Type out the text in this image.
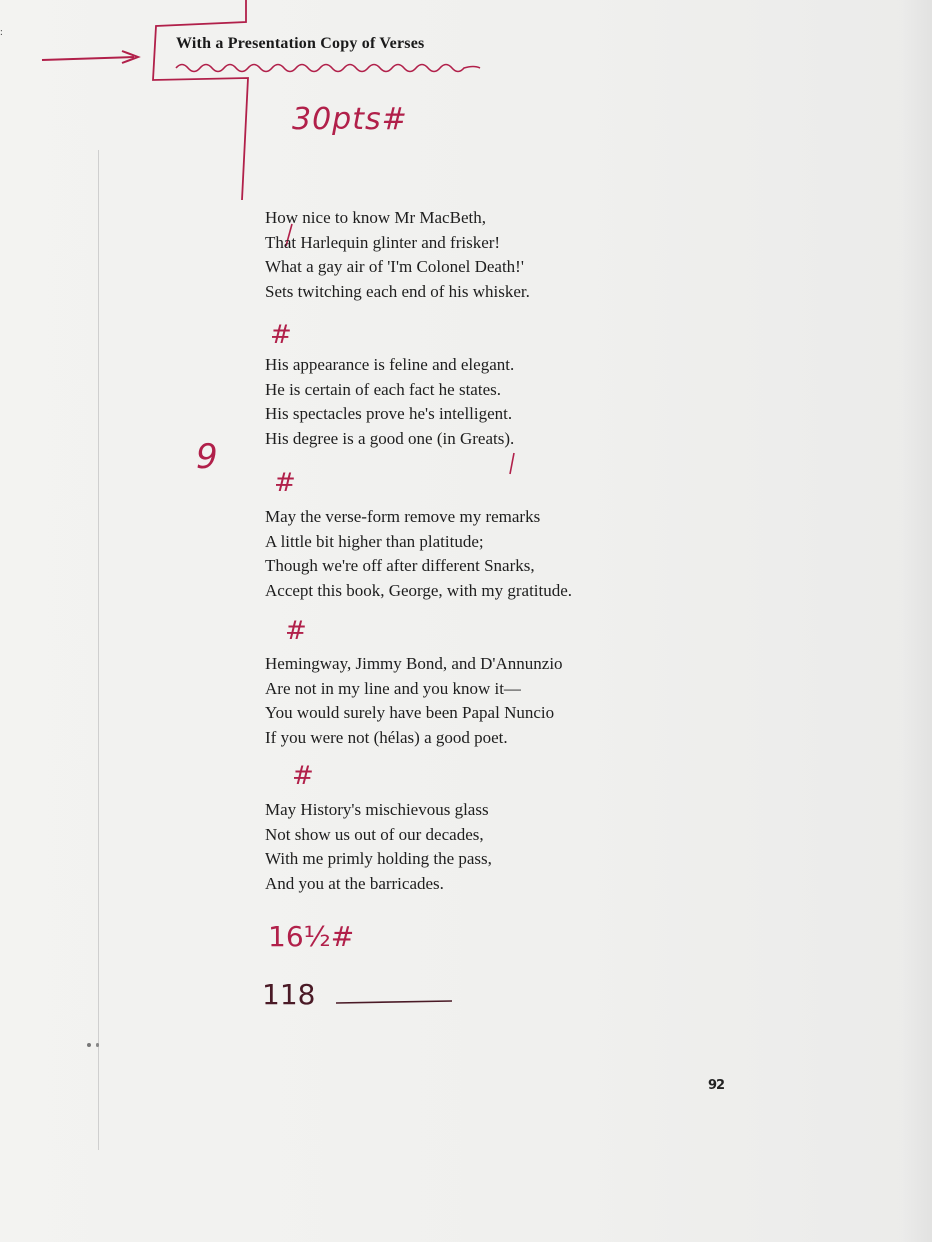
:
With a Presentation Copy of Verses
30pts#
How nice to know Mr MacBeth,
That Harlequin glinter and frisker!
What a gay air of 'I'm Colonel Death!'
Sets twitching each end of his whisker.
#
His appearance is feline and elegant.
He is certain of each fact he states.
His spectacles prove he's intelligent.
His degree is a good one (in Greats).
9
#
May the verse-form remove my remarks
A little bit higher than platitude;
Though we're off after different Snarks,
Accept this book, George, with my gratitude.
#
Hemingway, Jimmy Bond, and D'Annunzio
Are not in my line and you know it—
You would surely have been Papal Nuncio
If you were not (hélas) a good poet.
#
May History's mischievous glass
Not show us out of our decades,
With me primly holding the pass,
And you at the barricades.
16½#
118
92
